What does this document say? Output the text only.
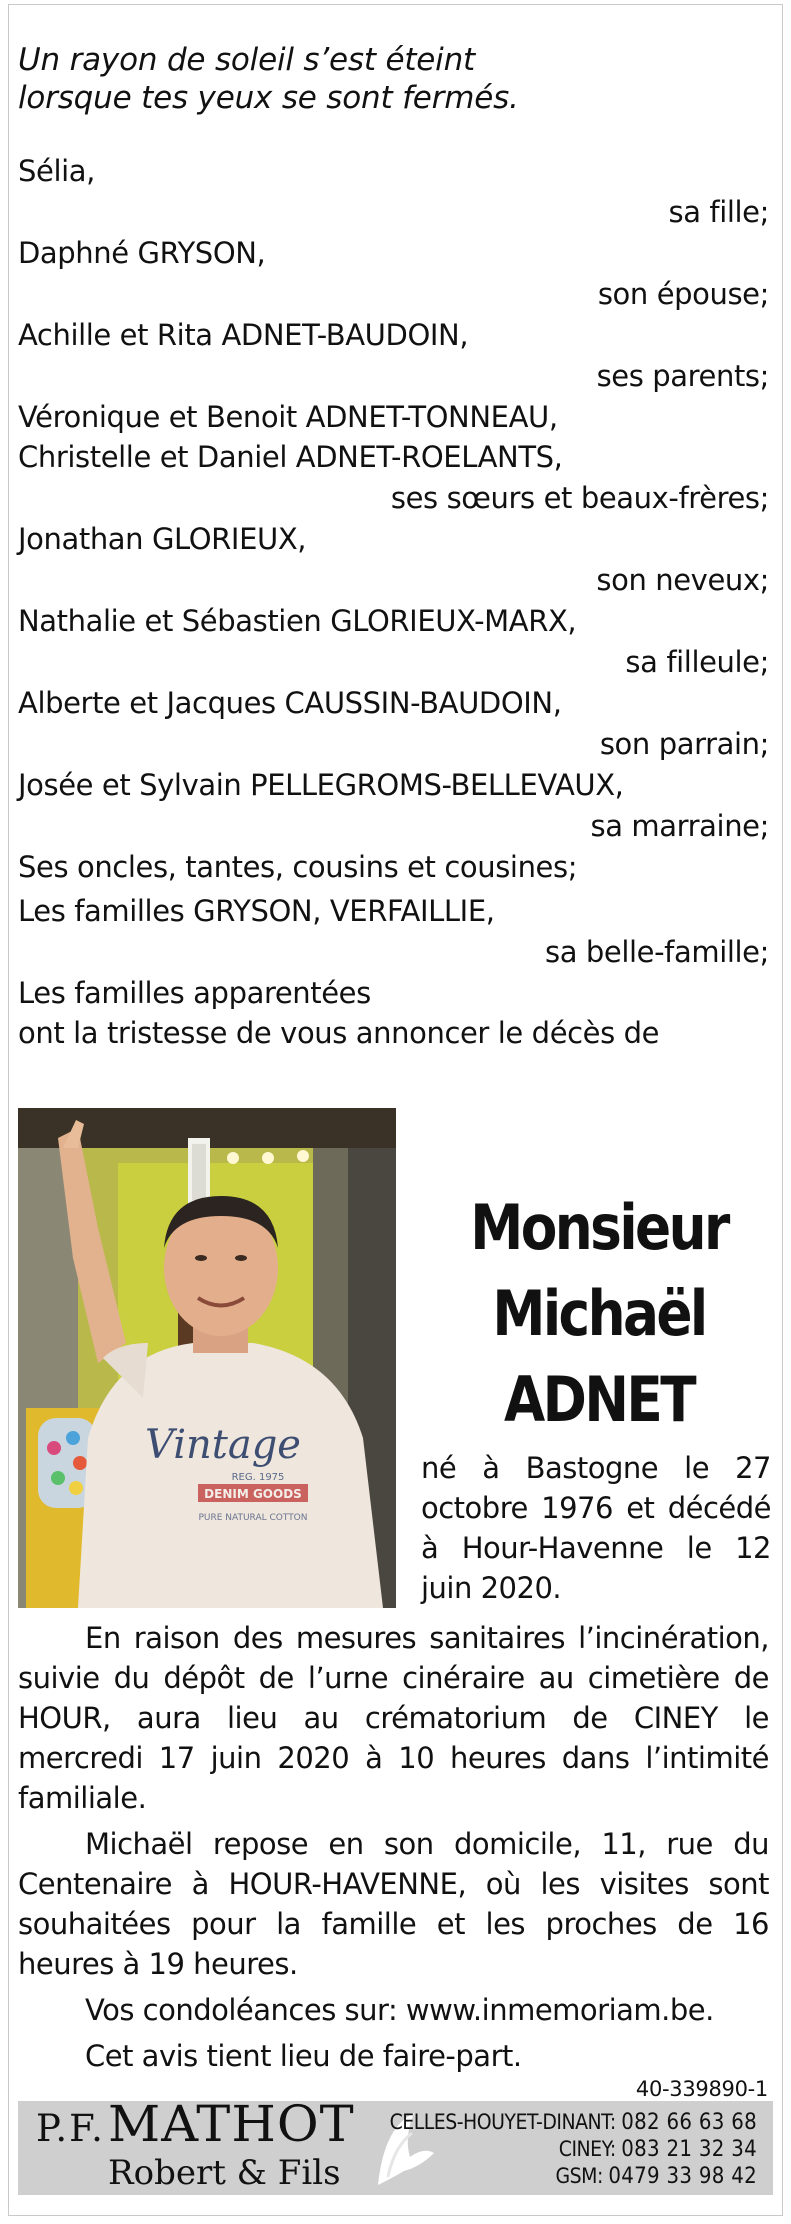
Un rayon de soleil s’est éteint
lorsque tes yeux se sont fermés.
Sélia,
sa fille;
Daphné GRYSON,
son épouse;
Achille et Rita ADNET-BAUDOIN,
ses parents;
Véronique et Benoit ADNET-TONNEAU,
Christelle et Daniel ADNET-ROELANTS,
ses sœurs et beaux-frères;
Jonathan GLORIEUX,
son neveux;
Nathalie et Sébastien GLORIEUX-MARX,
sa filleule;
Alberte et Jacques CAUSSIN-BAUDOIN,
son parrain;
Josée et Sylvain PELLEGROMS-BELLEVAUX,
sa marraine;
Ses oncles, tantes, cousins et cousines;
Les familles GRYSON, VERFAILLIE,
sa belle-famille;
Les familles apparentées
ont la tristesse de vous annoncer le décès de
Vintage
REG. 1975
DENIM GOODS
PURE NATURAL COTTON
Monsieur
Michaël
ADNET
né à Bastogne le 27 octobre 1976 et décédé à Hour-Havenne le 12 juin 2020.

En raison des mesures sanitaires l’incinération, suivie du dépôt de l’urne cinéraire au cimetière de HOUR, aura lieu au crématorium de CINEY le mercredi 17 juin 2020 à 10 heures dans l’intimité familiale.

Michaël repose en son domicile, 11, rue du Centenaire à HOUR-HAVENNE, où les visites sont souhaitées pour la famille et les proches de 16 heures à 19 heures.

Vos condoléances sur: www.inmemoriam.be.

Cet avis tient lieu de faire-part.

40-339890-1
P.F. MATHOT
Robert & Fils
CELLES-HOUYET-DINANT: 082 66 63 68
CINEY: 083 21 32 34
GSM: 0479 33 98 42
